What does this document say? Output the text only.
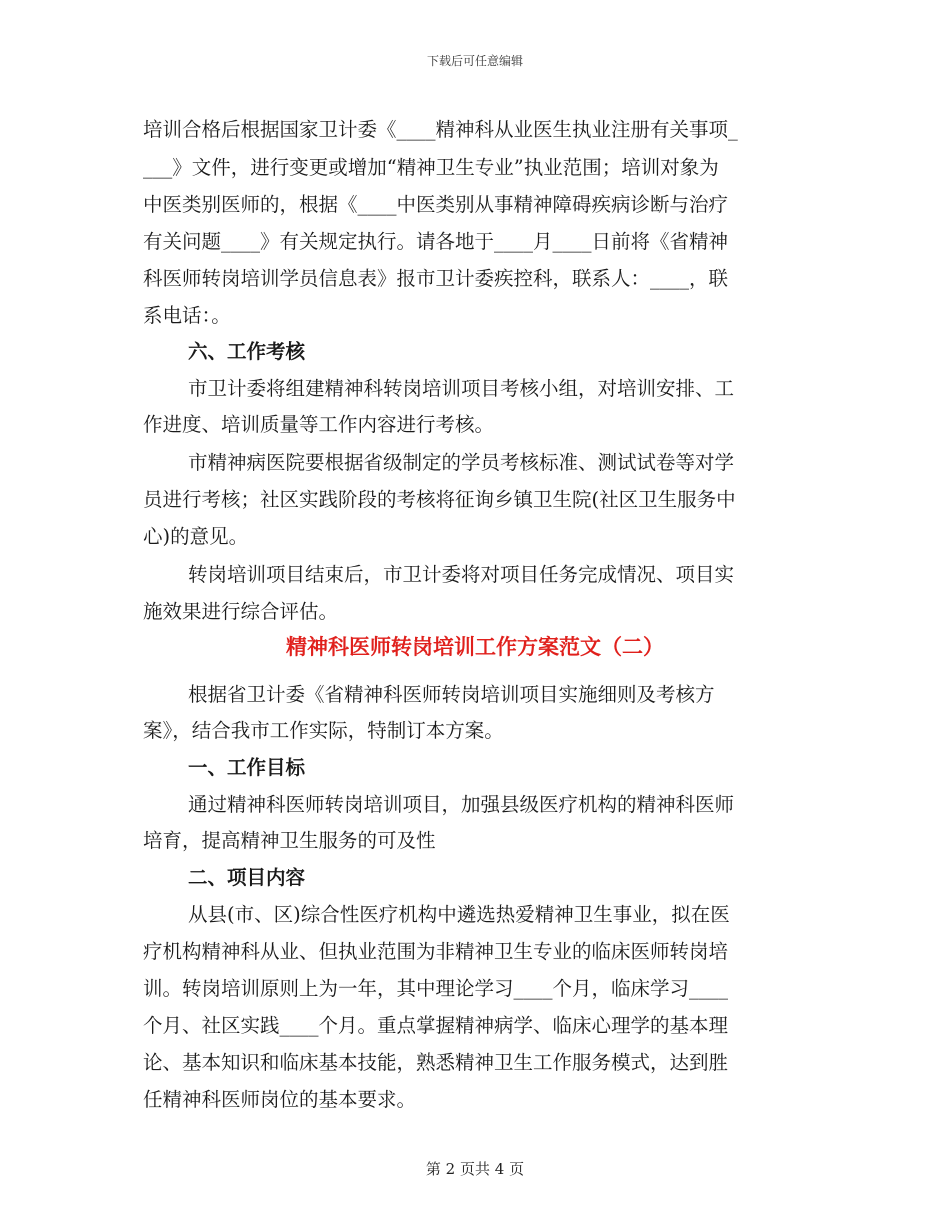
下载后可任意编辑
培训合格后根据国家卫计委《____精神科从业医生执业注册有关事项_
___》文件，进行变更或增加“精神卫生专业”执业范围；培训对象为
中医类别医师的，根据《____中医类别从事精神障碍疾病诊断与治疗
有关问题____》有关规定执行。请各地于____月____日前将《省精神
科医师转岗培训学员信息表》报市卫计委疾控科，联系人：____，联
系电话：。
六、工作考核
市卫计委将组建精神科转岗培训项目考核小组，对培训安排、工
作进度、培训质量等工作内容进行考核。
市精神病医院要根据省级制定的学员考核标准、测试试卷等对学
员进行考核；社区实践阶段的考核将征询乡镇卫生院(社区卫生服务中
心)的意见。
转岗培训项目结束后，市卫计委将对项目任务完成情况、项目实
施效果进行综合评估。
精神科医师转岗培训工作方案范文（二）
根据省卫计委《省精神科医师转岗培训项目实施细则及考核方
案》，结合我市工作实际，特制订本方案。
一、工作目标
通过精神科医师转岗培训项目，加强县级医疗机构的精神科医师
培育，提高精神卫生服务的可及性
二、项目内容
从县(市、区)综合性医疗机构中遴选热爱精神卫生事业，拟在医
疗机构精神科从业、但执业范围为非精神卫生专业的临床医师转岗培
训。转岗培训原则上为一年，其中理论学习____个月，临床学习____
个月、社区实践____个月。重点掌握精神病学、临床心理学的基本理
论、基本知识和临床基本技能，熟悉精神卫生工作服务模式，达到胜
任精神科医师岗位的基本要求。
第 2 页共 4 页
